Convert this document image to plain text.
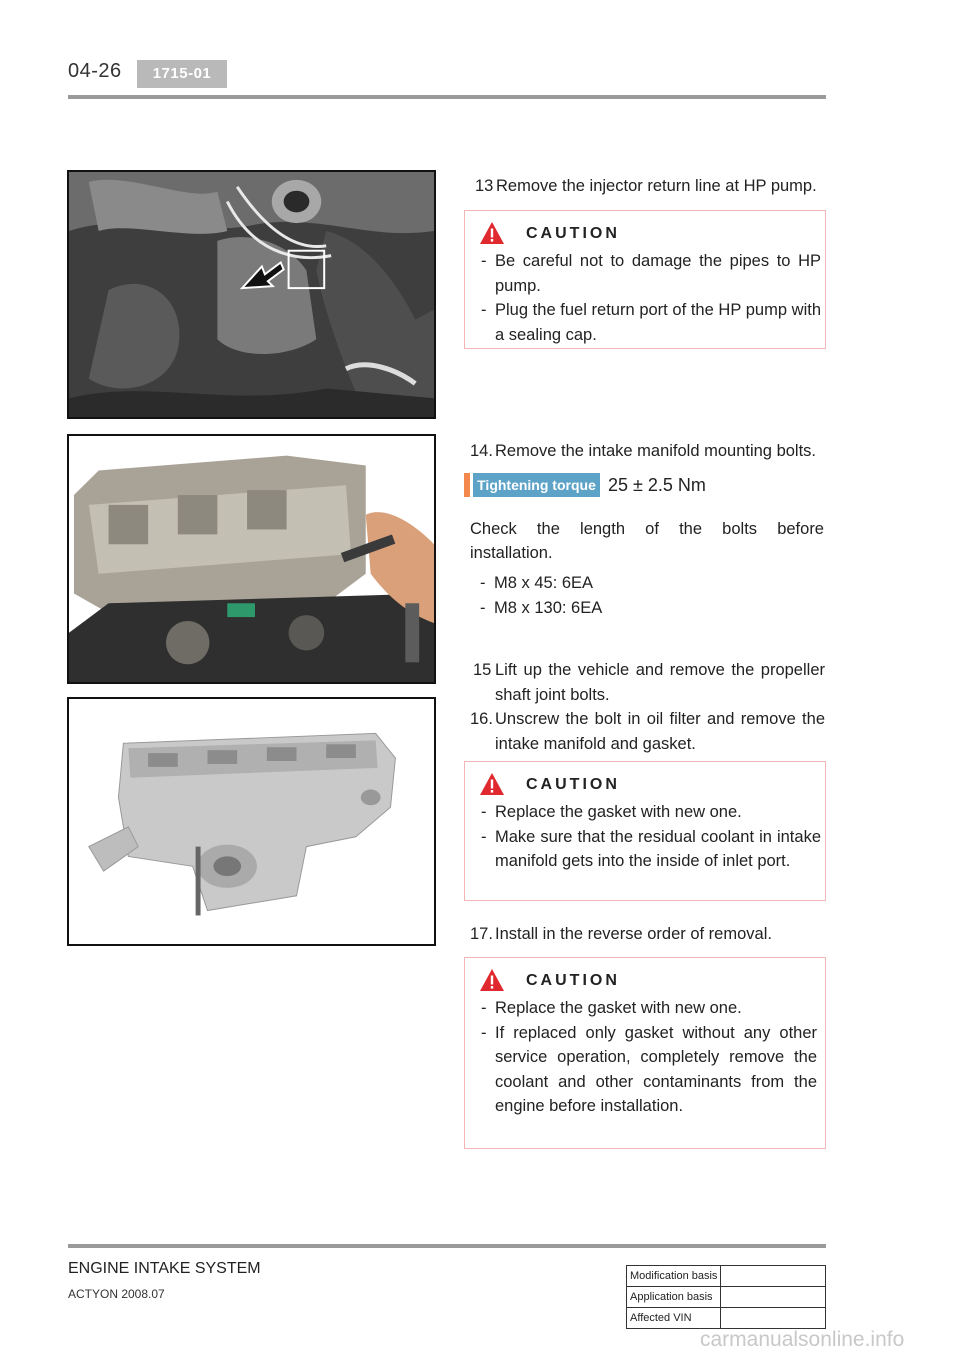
04-26	1715-01
13 Remove the injector return line at HP pump.
CAUTION
- Be careful not to damage the pipes to HP pump.
- Plug the fuel return port of the HP pump with a sealing cap.
14. Remove the intake manifold mounting bolts.
Tightening torque 25 ± 2.5 Nm
Check the length of the bolts before
installation.
- M8 x 45: 6EA
- M8 x 130: 6EA
15 Lift up the vehicle and remove the propeller shaft joint bolts.
16. Unscrew the bolt in oil filter and remove the intake manifold and gasket.
CAUTION
- Replace the gasket with new one.
- Make sure that the residual coolant in intake manifold gets into the inside of inlet port.
17. Install in the reverse order of removal.
CAUTION
- Replace the gasket with new one.
- If replaced only gasket without any other service operation, completely remove the coolant and other contaminants from the engine before installation.
ENGINE INTAKE SYSTEM
ACTYON 2008.07
Modification basis	
Application basis	
Affected VIN	
carmanualsonline.info
